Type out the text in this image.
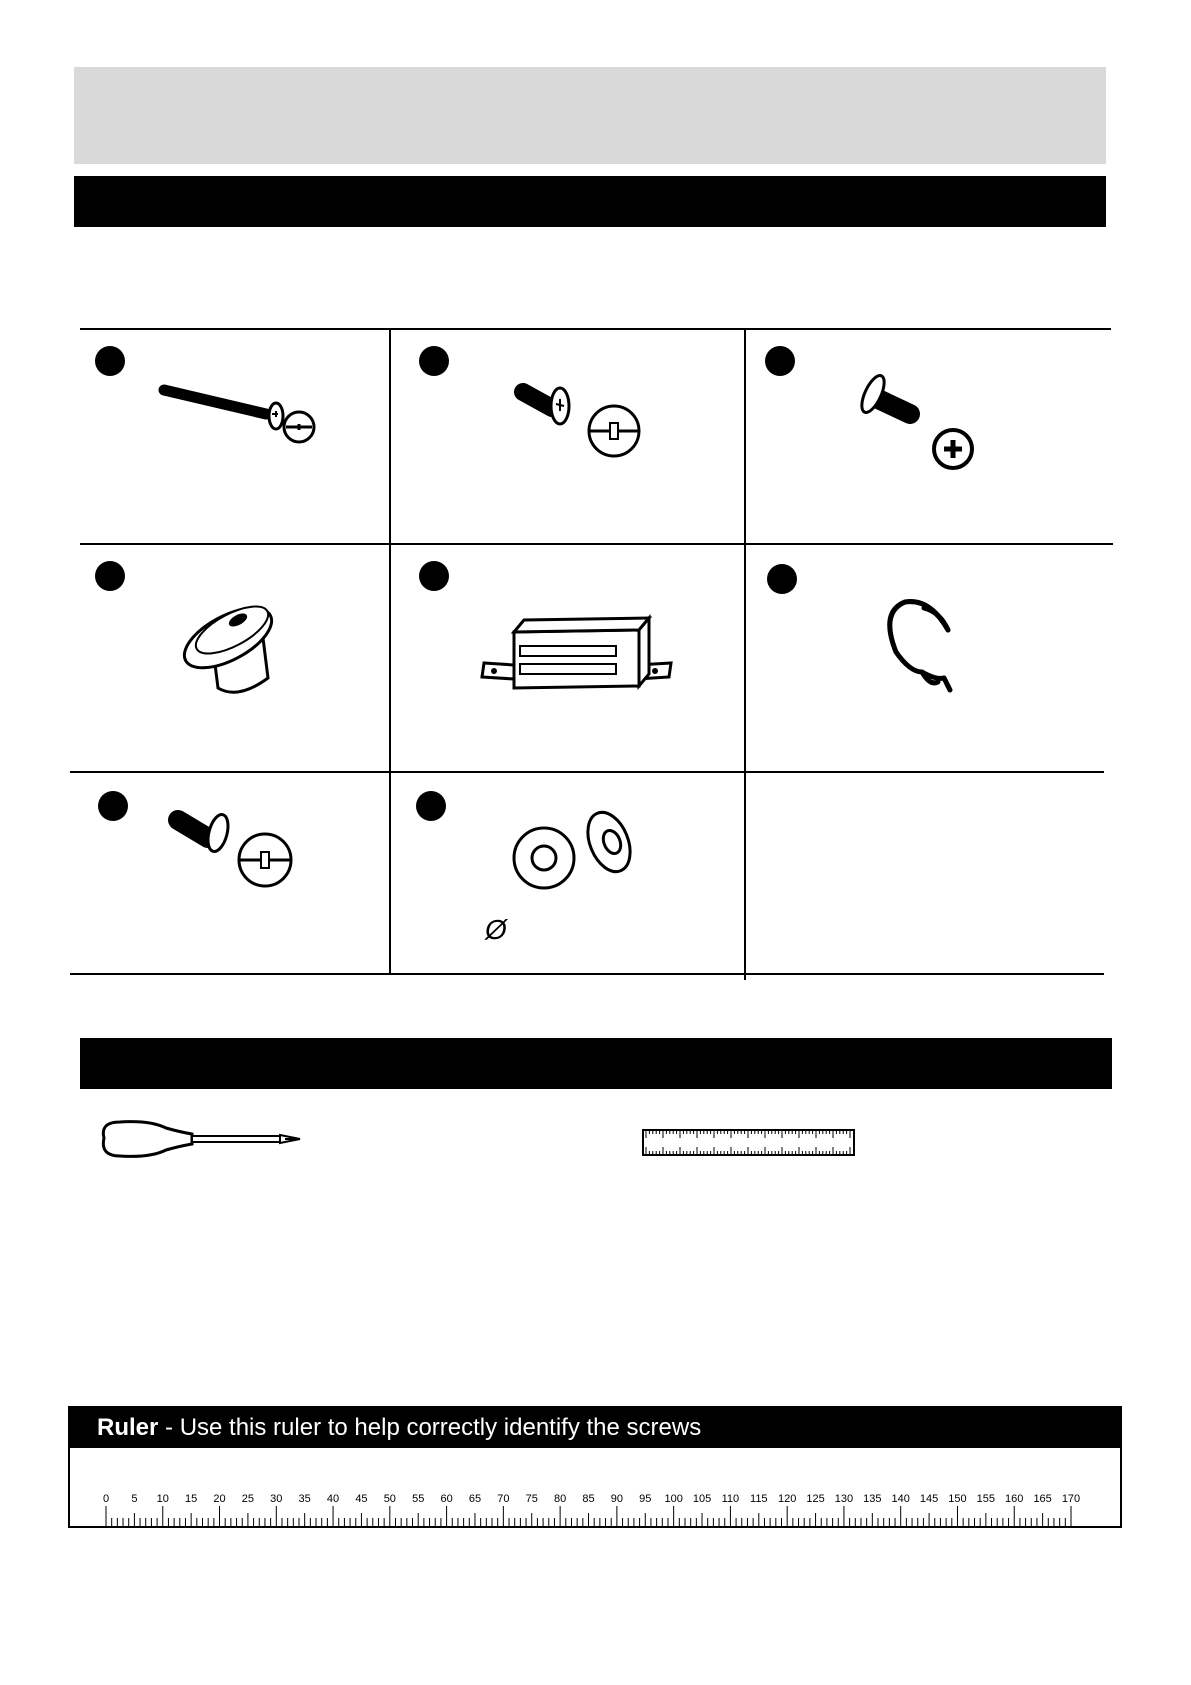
Ø
Ruler - Use this ruler to help correctly identify the screws
0 5 10 15 20 25 30 35 40 45 50 55 60 65 70 75 80 85 90 95 100 105 110 115 120 125 130 135 140 145 150 155 160 165 170
